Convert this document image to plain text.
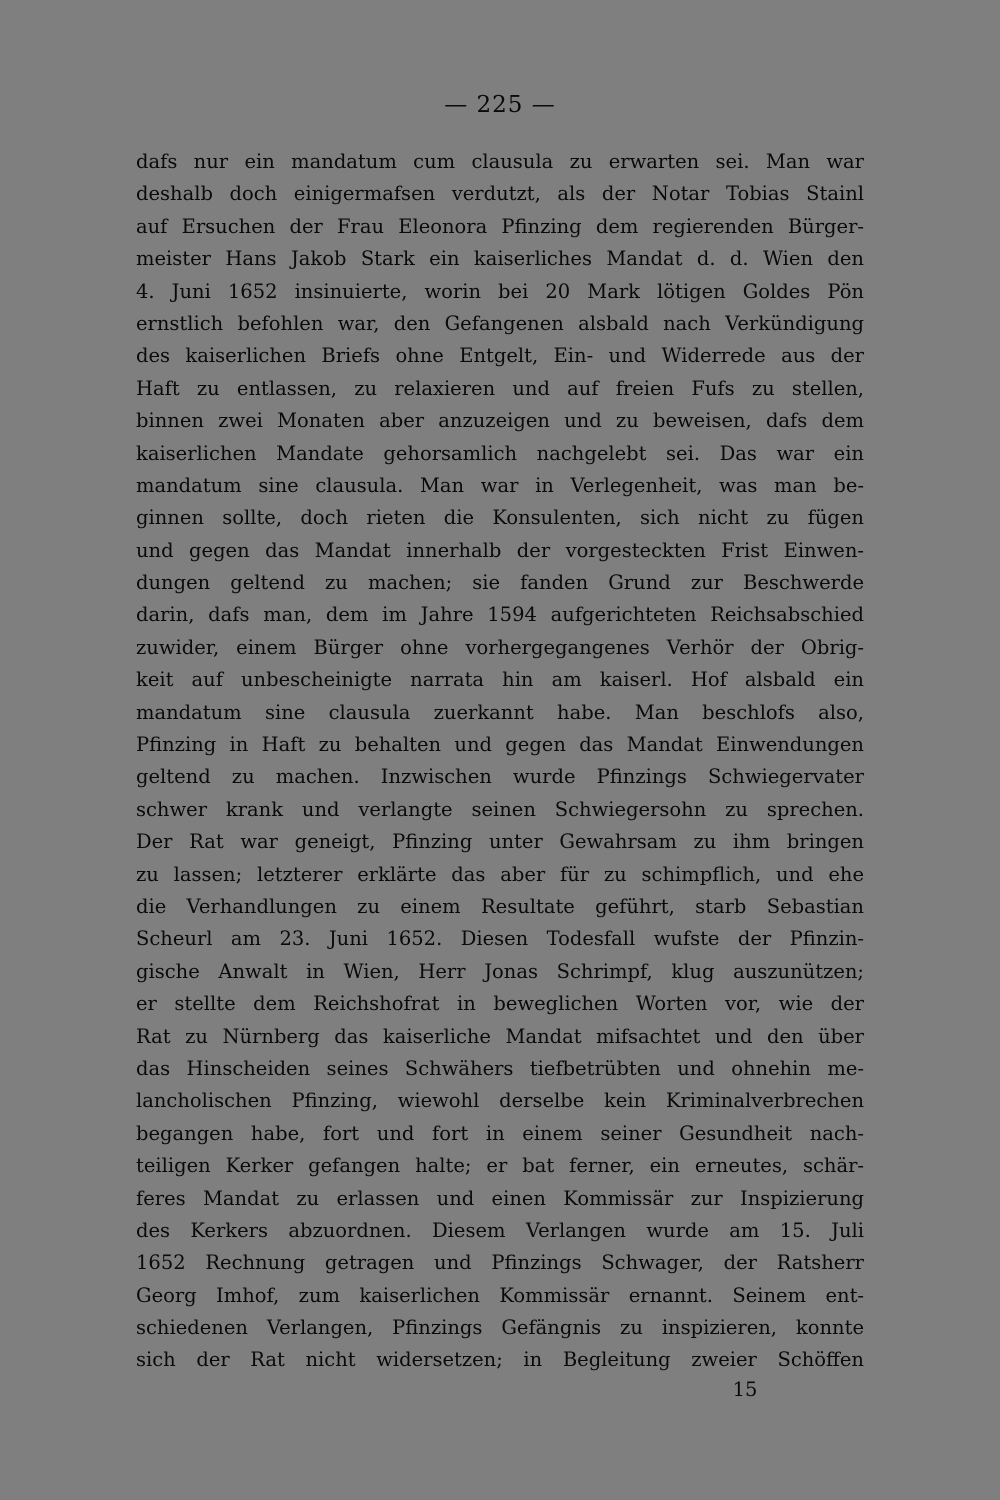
— 225 —
dafs nur ein mandatum cum clausula zu erwarten sei. Man war
deshalb doch einigermafsen verdutzt, als der Notar Tobias Stainl
auf Ersuchen der Frau Eleonora Pfinzing dem regierenden Bürger-
meister Hans Jakob Stark ein kaiserliches Mandat d. d. Wien den
4. Juni 1652 insinuierte, worin bei 20 Mark lötigen Goldes Pön
ernstlich befohlen war, den Gefangenen alsbald nach Verkündigung
des kaiserlichen Briefs ohne Entgelt, Ein- und Widerrede aus der
Haft zu entlassen, zu relaxieren und auf freien Fufs zu stellen,
binnen zwei Monaten aber anzuzeigen und zu beweisen, dafs dem
kaiserlichen Mandate gehorsamlich nachgelebt sei. Das war ein
mandatum sine clausula. Man war in Verlegenheit, was man be-
ginnen sollte, doch rieten die Konsulenten, sich nicht zu fügen
und gegen das Mandat innerhalb der vorgesteckten Frist Einwen-
dungen geltend zu machen; sie fanden Grund zur Beschwerde
darin, dafs man, dem im Jahre 1594 aufgerichteten Reichsabschied
zuwider, einem Bürger ohne vorhergegangenes Verhör der Obrig-
keit auf unbescheinigte narrata hin am kaiserl. Hof alsbald ein
mandatum sine clausula zuerkannt habe. Man beschlofs also,
Pfinzing in Haft zu behalten und gegen das Mandat Einwendungen
geltend zu machen. Inzwischen wurde Pfinzings Schwiegervater
schwer krank und verlangte seinen Schwiegersohn zu sprechen.
Der Rat war geneigt, Pfinzing unter Gewahrsam zu ihm bringen
zu lassen; letzterer erklärte das aber für zu schimpflich, und ehe
die Verhandlungen zu einem Resultate geführt, starb Sebastian
Scheurl am 23. Juni 1652. Diesen Todesfall wufste der Pfinzin-
gische Anwalt in Wien, Herr Jonas Schrimpf, klug auszunützen;
er stellte dem Reichshofrat in beweglichen Worten vor, wie der
Rat zu Nürnberg das kaiserliche Mandat mifsachtet und den über
das Hinscheiden seines Schwähers tiefbetrübten und ohnehin me-
lancholischen Pfinzing, wiewohl derselbe kein Kriminalverbrechen
begangen habe, fort und fort in einem seiner Gesundheit nach-
teiligen Kerker gefangen halte; er bat ferner, ein erneutes, schär-
feres Mandat zu erlassen und einen Kommissär zur Inspizierung
des Kerkers abzuordnen. Diesem Verlangen wurde am 15. Juli
1652 Rechnung getragen und Pfinzings Schwager, der Ratsherr
Georg Imhof, zum kaiserlichen Kommissär ernannt. Seinem ent-
schiedenen Verlangen, Pfinzings Gefängnis zu inspizieren, konnte
sich der Rat nicht widersetzen; in Begleitung zweier Schöffen
15
